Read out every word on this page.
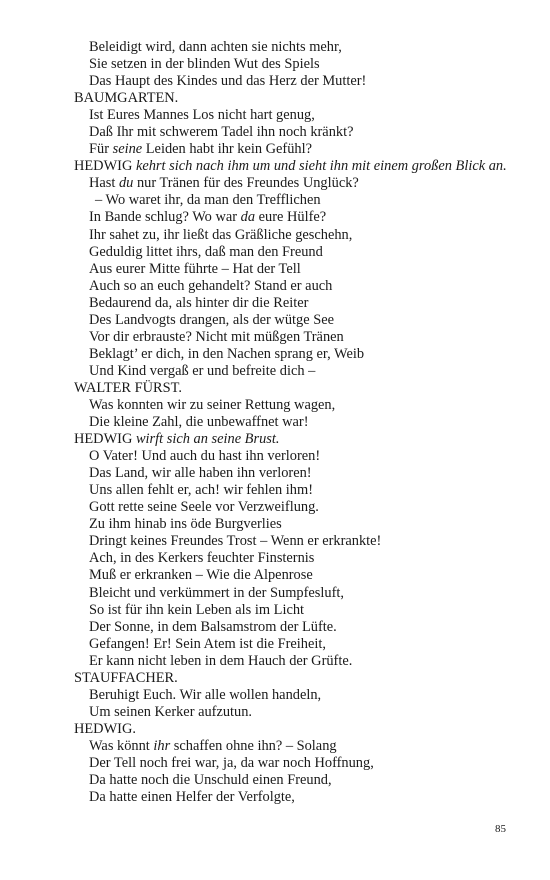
Beleidigt wird, dann achten sie nichts mehr,
Sie setzen in der blinden Wut des Spiels
Das Haupt des Kindes und das Herz der Mutter!
BAUMGARTEN.
Ist Eures Mannes Los nicht hart genug,
Daß Ihr mit schwerem Tadel ihn noch kränkt?
Für seine Leiden habt ihr kein Gefühl?
HEDWIG kehrt sich nach ihm um und sieht ihn mit einem großen Blick an.
Hast du nur Tränen für des Freundes Unglück?
– Wo waret ihr, da man den Trefflichen
In Bande schlug? Wo war da eure Hülfe?
Ihr sahet zu, ihr ließt das Gräßliche geschehn,
Geduldig littet ihrs, daß man den Freund
Aus eurer Mitte führte – Hat der Tell
Auch so an euch gehandelt? Stand er auch
Bedaurend da, als hinter dir die Reiter
Des Landvogts drangen, als der wütge See
Vor dir erbrauste? Nicht mit müßgen Tränen
Beklagt’ er dich, in den Nachen sprang er, Weib
Und Kind vergaß er und befreite dich –
WALTER FÜRST.
Was konnten wir zu seiner Rettung wagen,
Die kleine Zahl, die unbewaffnet war!
HEDWIG wirft sich an seine Brust.
O Vater! Und auch du hast ihn verloren!
Das Land, wir alle haben ihn verloren!
Uns allen fehlt er, ach! wir fehlen ihm!
Gott rette seine Seele vor Verzweiflung.
Zu ihm hinab ins öde Burgverlies
Dringt keines Freundes Trost – Wenn er erkrankte!
Ach, in des Kerkers feuchter Finsternis
Muß er erkranken – Wie die Alpenrose
Bleicht und verkümmert in der Sumpfesluft,
So ist für ihn kein Leben als im Licht
Der Sonne, in dem Balsamstrom der Lüfte.
Gefangen! Er! Sein Atem ist die Freiheit,
Er kann nicht leben in dem Hauch der Grüfte.
STAUFFACHER.
Beruhigt Euch. Wir alle wollen handeln,
Um seinen Kerker aufzutun.
HEDWIG.
Was könnt ihr schaffen ohne ihn? – Solang
Der Tell noch frei war, ja, da war noch Hoffnung,
Da hatte noch die Unschuld einen Freund,
Da hatte einen Helfer der Verfolgte,
85
